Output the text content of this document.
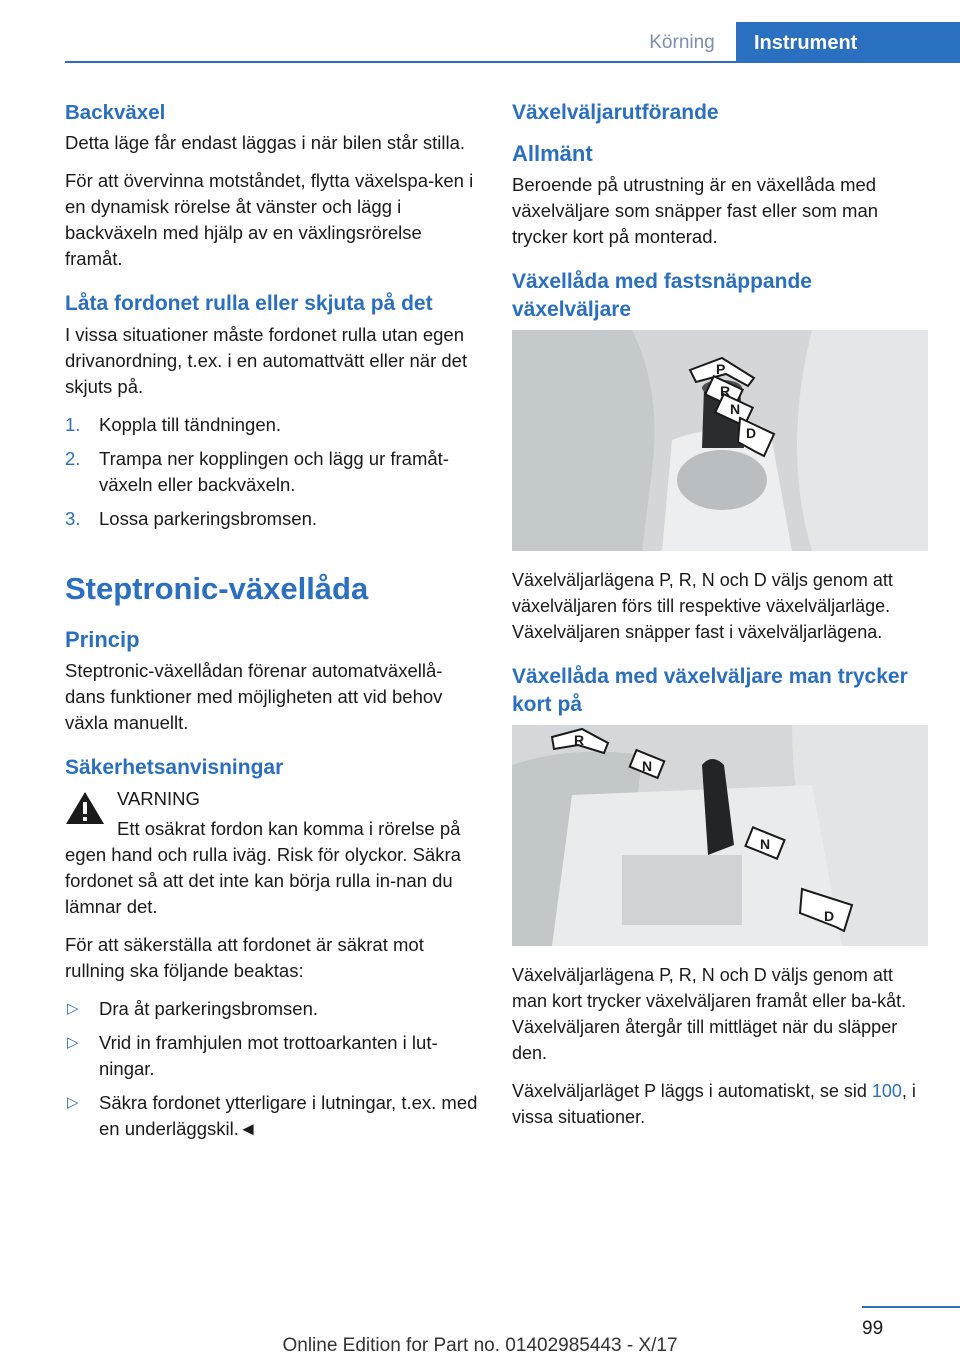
Körning	Instrument
Backväxel

Detta läge får endast läggas i när bilen står stilla.

För att övervinna motståndet, flytta växelspa-ken i en dynamisk rörelse åt vänster och lägg i backväxeln med hjälp av en växlingsrörelse framåt.

Låta fordonet rulla eller skjuta på det

I vissa situationer måste fordonet rulla utan egen drivanordning, t.ex. i en automattvätt eller när det skjuts på.

1. Koppla till tändningen.
2. Trampa ner kopplingen och lägg ur framåt-växeln eller backväxeln.
3. Lossa parkeringsbromsen.
Steptronic-växellåda
Princip

Steptronic-växellådan förenar automatväxellå-dans funktioner med möjligheten att vid behov växla manuellt.

Säkerhetsanvisningar
VARNING

Ett osäkrat fordon kan komma i rörelse på egen hand och rulla iväg. Risk för olyckor. Säkra fordonet så att det inte kan börja rulla in-nan du lämnar det.

För att säkerställa att fordonet är säkrat mot rullning ska följande beaktas:

▷ Dra åt parkeringsbromsen.
▷ Vrid in framhjulen mot trottoarkanten i lut-ningar.
▷ Säkra fordonet ytterligare i lutningar, t.ex. med en underläggskil.◄
Växelväljarutförande
Allmänt

Beroende på utrustning är en växellåda med växelväljare som snäpper fast eller som man trycker kort på monterad.

Växellåda med fastsnäppande växelväljare
P
R
N
D

Växelväljarlägena P, R, N och D väljs genom att växelväljaren förs till respektive växelväljarläge. Växelväljaren snäpper fast i växelväljarlägena.

Växellåda med växelväljare man trycker kort på
R
N
N
D

Växelväljarlägena P, R, N och D väljs genom att man kort trycker växelväljaren framåt eller ba-kåt. Växelväljaren återgår till mittläget när du släpper den.

Växelväljarläget P läggs i automatiskt, se sid 100, i vissa situationer.

99
Online Edition for Part no. 01402985443 - X/17
